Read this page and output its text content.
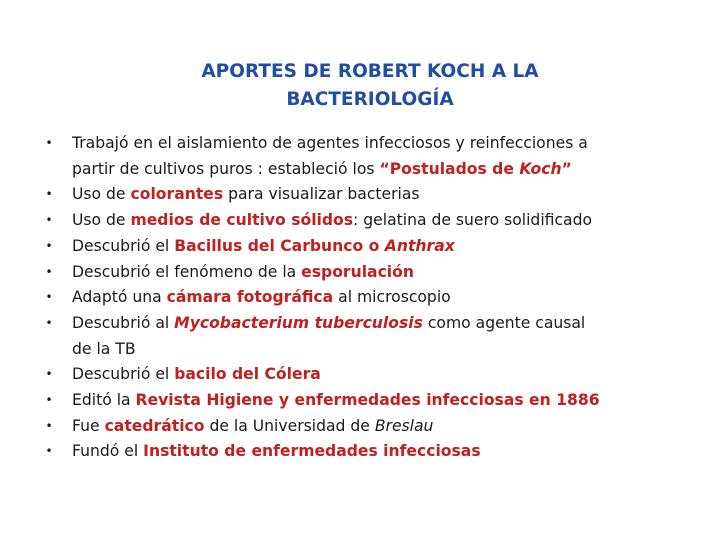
APORTES DE ROBERT KOCH A LA
BACTERIOLOGÍA
• Trabajó en el aislamiento de agentes infecciosos y reinfecciones a
partir de cultivos puros : estableció los “Postulados de Koch”
• Uso de colorantes para visualizar bacterias
• Uso de medios de cultivo sólidos: gelatina de suero solidificado
• Descubrió el Bacillus del Carbunco o Anthrax
• Descubrió el fenómeno de la esporulación
• Adaptó una cámara fotográfica al microscopio
• Descubrió al Mycobacterium tuberculosis como agente causal
de la TB
• Descubrió el bacilo del Cólera
• Editó la Revista Higiene y enfermedades infecciosas en 1886
• Fue catedrático de la Universidad de Breslau
• Fundó el Instituto de enfermedades infecciosas
